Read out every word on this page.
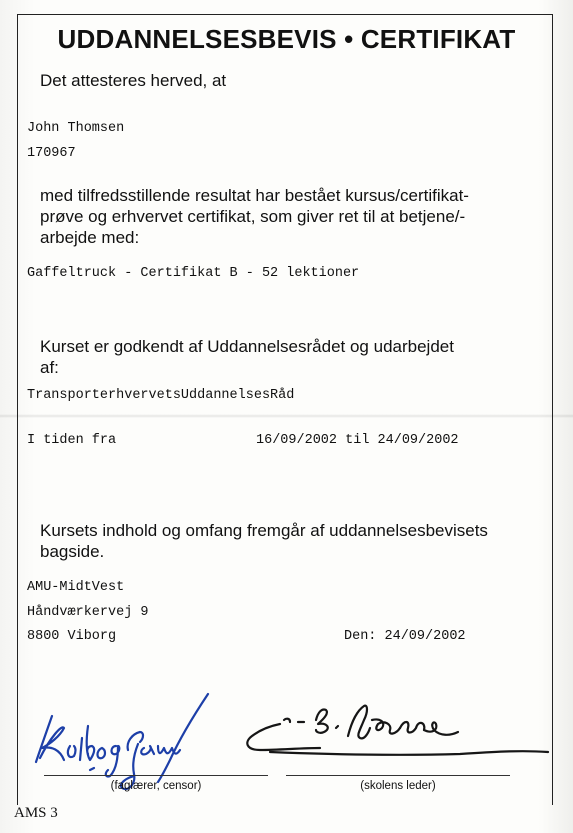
UDDANNELSESBEVIS • CERTIFIKAT
Det attesteres herved, at
John Thomsen
170967
med tilfredsstillende resultat har bestået kursus/certifikat-
prøve og erhvervet certifikat, som giver ret til at betjene/-
arbejde med:
Gaffeltruck - Certifikat B - 52 lektioner
Kurset er godkendt af Uddannelsesrådet og udarbejdet
af:
TransporterhvervetsUddannelsesRåd
I tiden fra	16/09/2002 til 24/09/2002
Kursets indhold og omfang fremgår af uddannelsesbevisets
bagside.
AMU-MidtVest
Håndværkervej 9
8800 Viborg	Den: 24/09/2002
(faglærer, censor)	(skolens leder)
AMS 3
